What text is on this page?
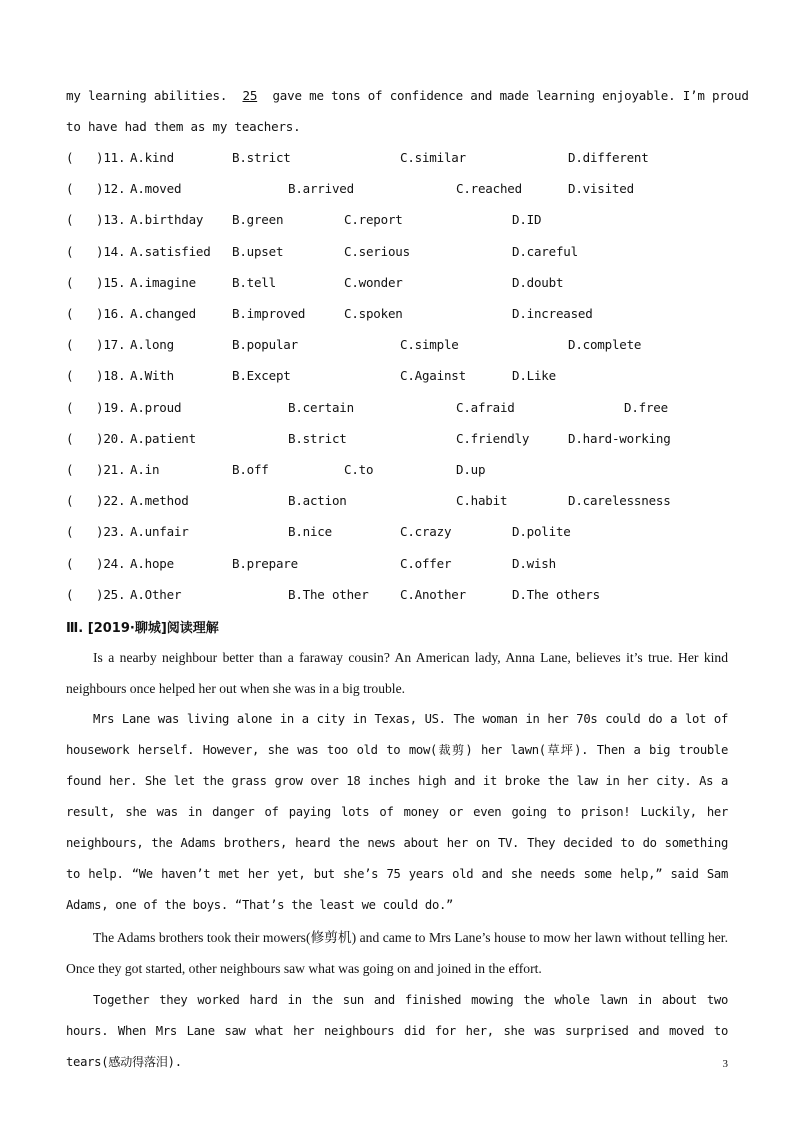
my learning abilities. 25 gave me tons of confidence and made learning enjoyable. I’m proud
to have had them as my teachers.
( )11. A.kind	B.strict	C.similar	D.different
( )12. A.moved	B.arrived	C.reached	D.visited
( )13. A.birthday B.green	C.report	D.ID
( )14. A.satisfied B.upset	C.serious	D.careful
( )15. A.imagine	B.tell	C.wonder	D.doubt
( )16. A.changed	B.improved	C.spoken	D.increased
( )17. A.long	B.popular	C.simple	D.complete
( )18. A.With	B.Except	C.Against	D.Like
( )19. A.proud	B.certain	C.afraid	D.free
( )20. A.patient	B.strict	C.friendly	D.hard-working
( )21. A.in	B.off	C.to	D.up
( )22. A.method	B.action	C.habit	D.carelessness
( )23. A.unfair	B.nice	C.crazy	D.polite
( )24. A.hope	B.prepare	C.offer	D.wish
( )25. A.Other	B.The other	C.Another	D.The others
Ⅲ. [2019·聊城]阅读理解
Is a nearby neighbour better than a faraway cousin? An American lady, Anna Lane, believes it’s true. Her kind neighbours once helped her out when she was in a big trouble.
Mrs Lane was living alone in a city in Texas, US. The woman in her 70s could do a lot of housework herself. However, she was too old to mow(裁剪) her lawn(草坪). Then a big trouble found her. She let the grass grow over 18 inches high and it broke the law in her city. As a result, she was in danger of paying lots of money or even going to prison! Luckily, her neighbours, the Adams brothers, heard the news about her on TV. They decided to do something to help. “We haven’t met her yet, but she’s 75 years old and she needs some help,” said Sam Adams, one of the boys. “That’s the least we could do.”
The Adams brothers took their mowers(修剪机) and came to Mrs Lane’s house to mow her lawn without telling her. Once they got started, other neighbours saw what was going on and joined in the effort.
Together they worked hard in the sun and finished mowing the whole lawn in about two hours. When Mrs Lane saw what her neighbours did for her, she was surprised and moved to tears(感动得落泪).	3
